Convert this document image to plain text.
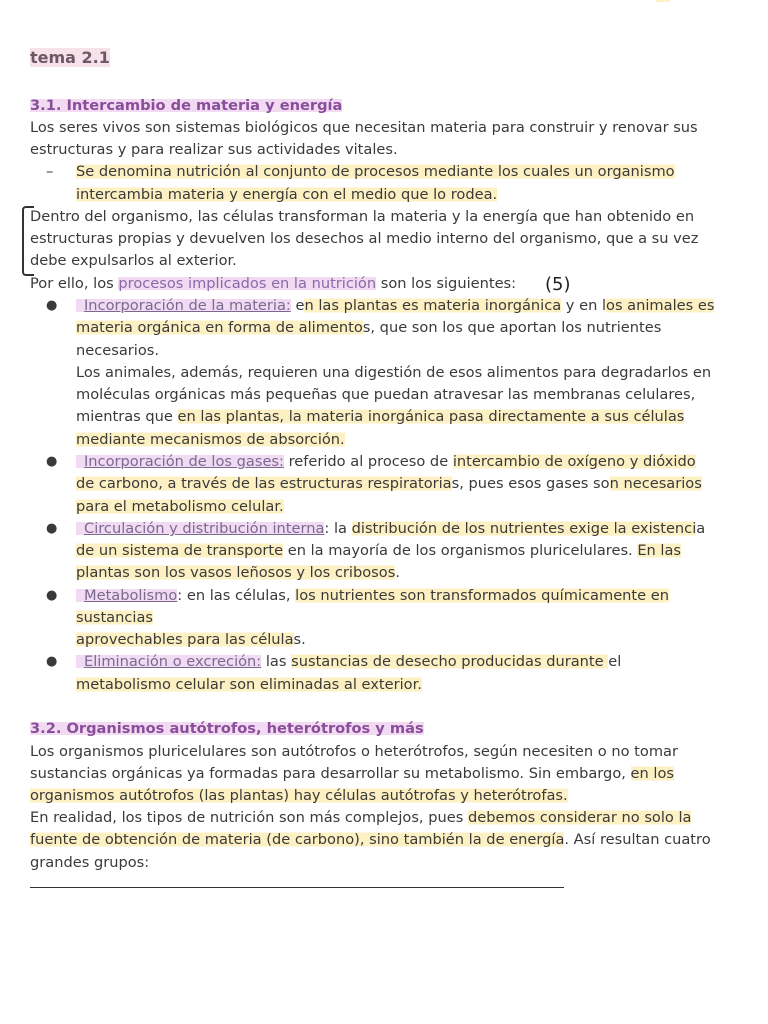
tema 2.1
3.1. Intercambio de materia y energía
Los seres vivos son sistemas biológicos que necesitan materia para construir y renovar sus
estructuras y para realizar sus actividades vitales.
– Se denomina nutrición al conjunto de procesos mediante los cuales un organismo
intercambia materia y energía con el medio que lo rodea.
Dentro del organismo, las células transforman la materia y la energía que han obtenido en
estructuras propias y devuelven los desechos al medio interno del organismo, que a su vez
debe expulsarlos al exterior.
Por ello, los procesos implicados en la nutrición son los siguientes:
● Incorporación de la materia: en las plantas es materia inorgánica y en los animales es
materia orgánica en forma de alimentos, que son los que aportan los nutrientes
necesarios.
Los animales, además, requieren una digestión de esos alimentos para degradarlos en
moléculas orgánicas más pequeñas que puedan atravesar las membranas celulares,
mientras que en las plantas, la materia inorgánica pasa directamente a sus células
mediante mecanismos de absorción.
● Incorporación de los gases: referido al proceso de intercambio de oxígeno y dióxido
de carbono, a través de las estructuras respiratorias, pues esos gases son necesarios
para el metabolismo celular.
● Circulación y distribución interna: la distribución de los nutrientes exige la existencia
de un sistema de transporte en la mayoría de los organismos pluricelulares. En las
plantas son los vasos leñosos y los cribosos.
● Metabolismo: en las células, los nutrientes son transformados químicamente en
sustancias
aprovechables para las células.
● Eliminación o excreción: las sustancias de desecho producidas durante el
metabolismo celular son eliminadas al exterior.
3.2. Organismos autótrofos, heterótrofos y más
Los organismos pluricelulares son autótrofos o heterótrofos, según necesiten o no tomar
sustancias orgánicas ya formadas para desarrollar su metabolismo. Sin embargo, en los
organismos autótrofos (las plantas) hay células autótrofas y heterótrofas.
En realidad, los tipos de nutrición son más complejos, pues debemos considerar no solo la
fuente de obtención de materia (de carbono), sino también la de energía. Así resultan cuatro
grandes grupos:
(5)
